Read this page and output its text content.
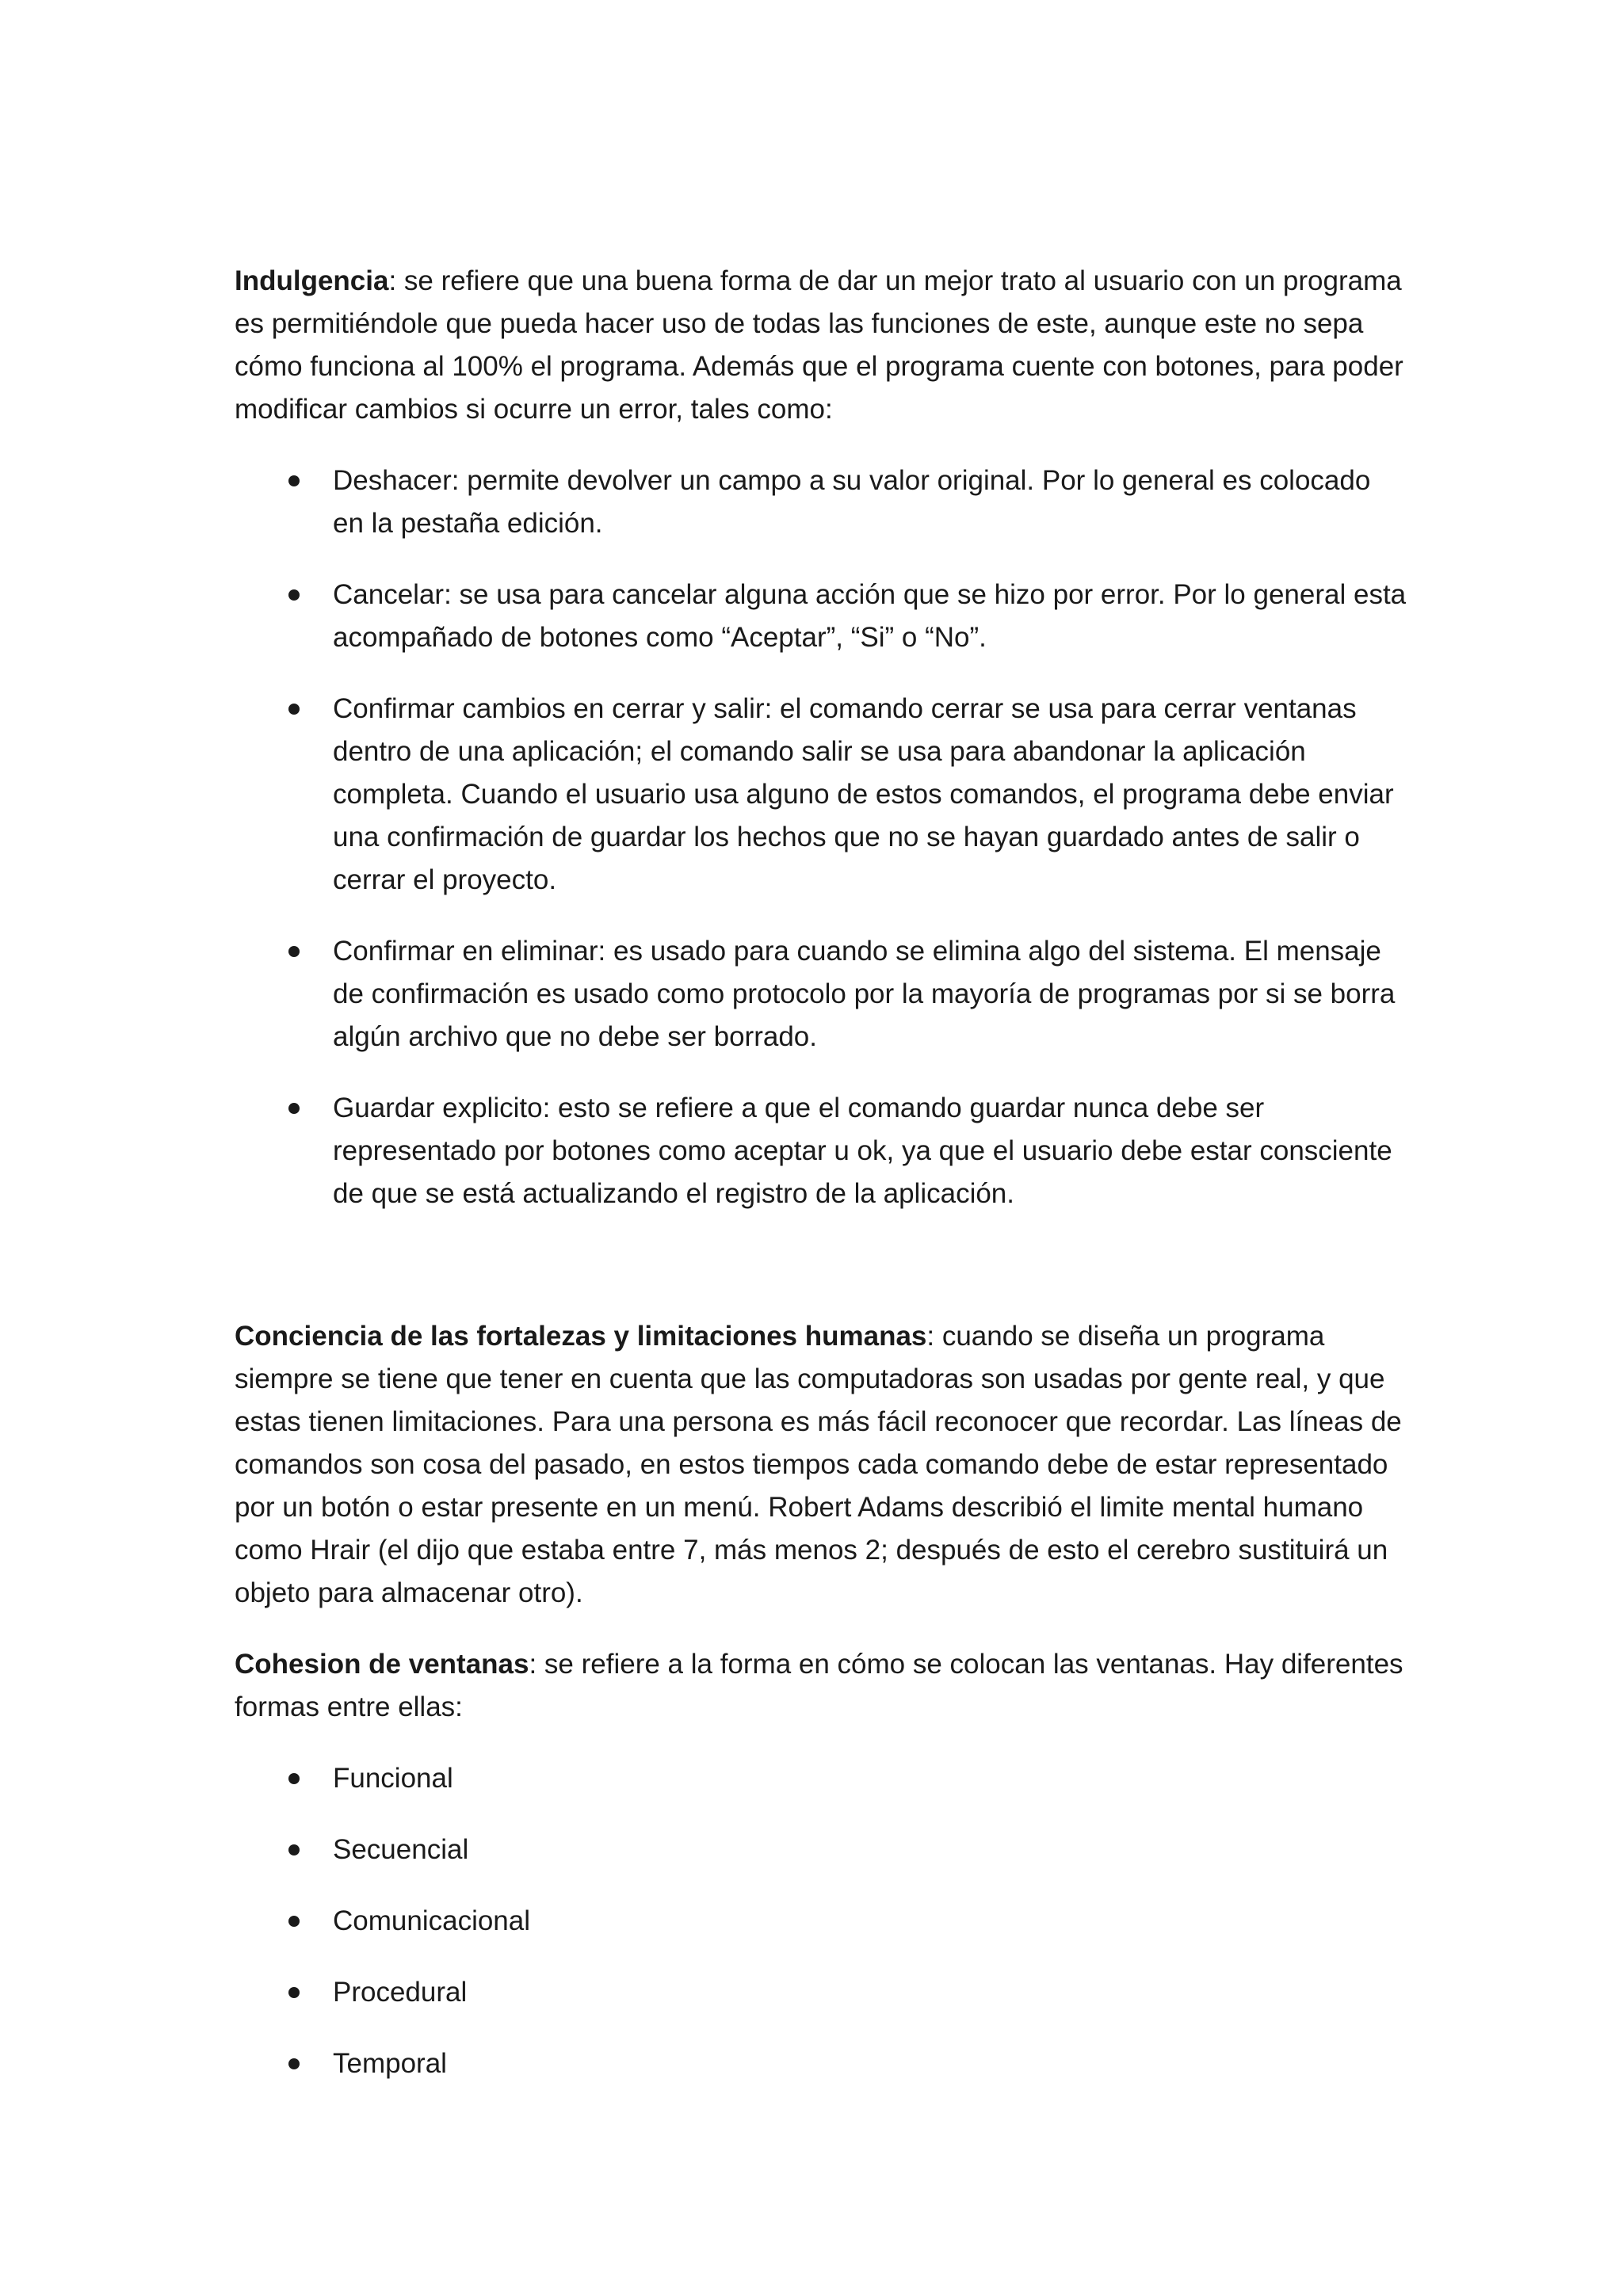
Indulgencia: se refiere que una buena forma de dar un mejor trato al usuario con un programa es permitiéndole que pueda hacer uso de todas las funciones de este, aunque este no sepa cómo funciona al 100% el programa. Además que el programa cuente con botones, para poder modificar cambios si ocurre un error, tales como:

Deshacer: permite devolver un campo a su valor original. Por lo general es colocado en la pestaña edición.
Cancelar: se usa para cancelar alguna acción que se hizo por error. Por lo general esta acompañado de botones como “Aceptar”, “Si” o “No”.
Confirmar cambios en cerrar y salir: el comando cerrar se usa para cerrar ventanas dentro de una aplicación; el comando salir se usa para abandonar la aplicación completa. Cuando el usuario usa alguno de estos comandos, el programa debe enviar una confirmación de guardar los hechos que no se hayan guardado antes de salir o cerrar el proyecto.
Confirmar en eliminar: es usado para cuando se elimina algo del sistema. El mensaje de confirmación es usado como protocolo por la mayoría de programas por si se borra algún archivo que no debe ser borrado.
Guardar explicito: esto se refiere a que el comando guardar nunca debe ser representado por botones como aceptar u ok, ya que el usuario debe estar consciente de que se está actualizando el registro de la aplicación.

Conciencia de las fortalezas y limitaciones humanas: cuando se diseña un programa siempre se tiene que tener en cuenta que las computadoras son usadas por gente real, y que estas tienen limitaciones. Para una persona es más fácil reconocer que recordar. Las líneas de comandos son cosa del pasado, en estos tiempos cada comando debe de estar representado por un botón o estar presente en un menú. Robert Adams describió el limite mental humano como Hrair (el dijo que estaba entre 7, más menos 2; después de esto el cerebro sustituirá un objeto para almacenar otro).

Cohesion de ventanas: se refiere a la forma en cómo se colocan las ventanas. Hay diferentes formas entre ellas:

Funcional
Secuencial
Comunicacional
Procedural
Temporal
